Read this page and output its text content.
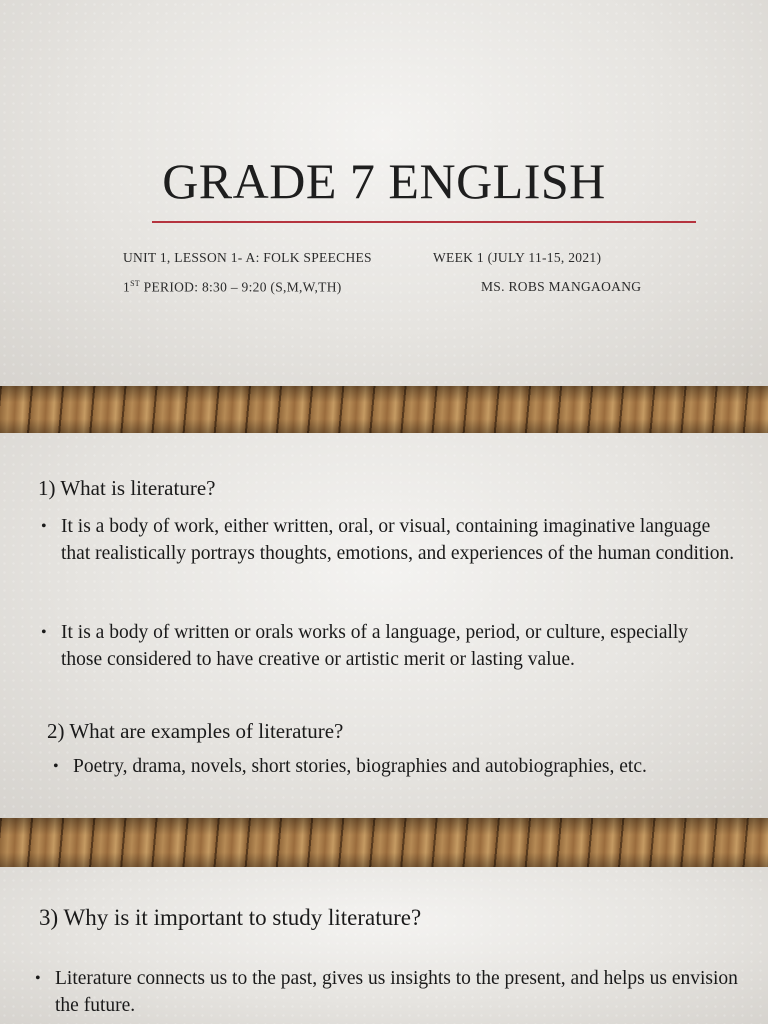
GRADE 7 ENGLISH
UNIT 1, LESSON 1- A: FOLK SPEECHES	WEEK 1 (JULY 11-15, 2021)
1ST PERIOD: 8:30 – 9:20 (S,M,W,TH)	MS. ROBS MANGAOANG
1) What is literature?
• It is a body of work, either written, oral, or visual, containing imaginative language that realistically portrays thoughts, emotions, and experiences of the human condition.
• It is a body of written or orals works of a language, period, or culture, especially those considered to have creative or artistic merit or lasting value.
2) What are examples of literature?
• Poetry, drama, novels, short stories, biographies and autobiographies, etc.
3) Why is it important to study literature?
• Literature connects us to the past, gives us insights to the present, and helps us envision the future.
